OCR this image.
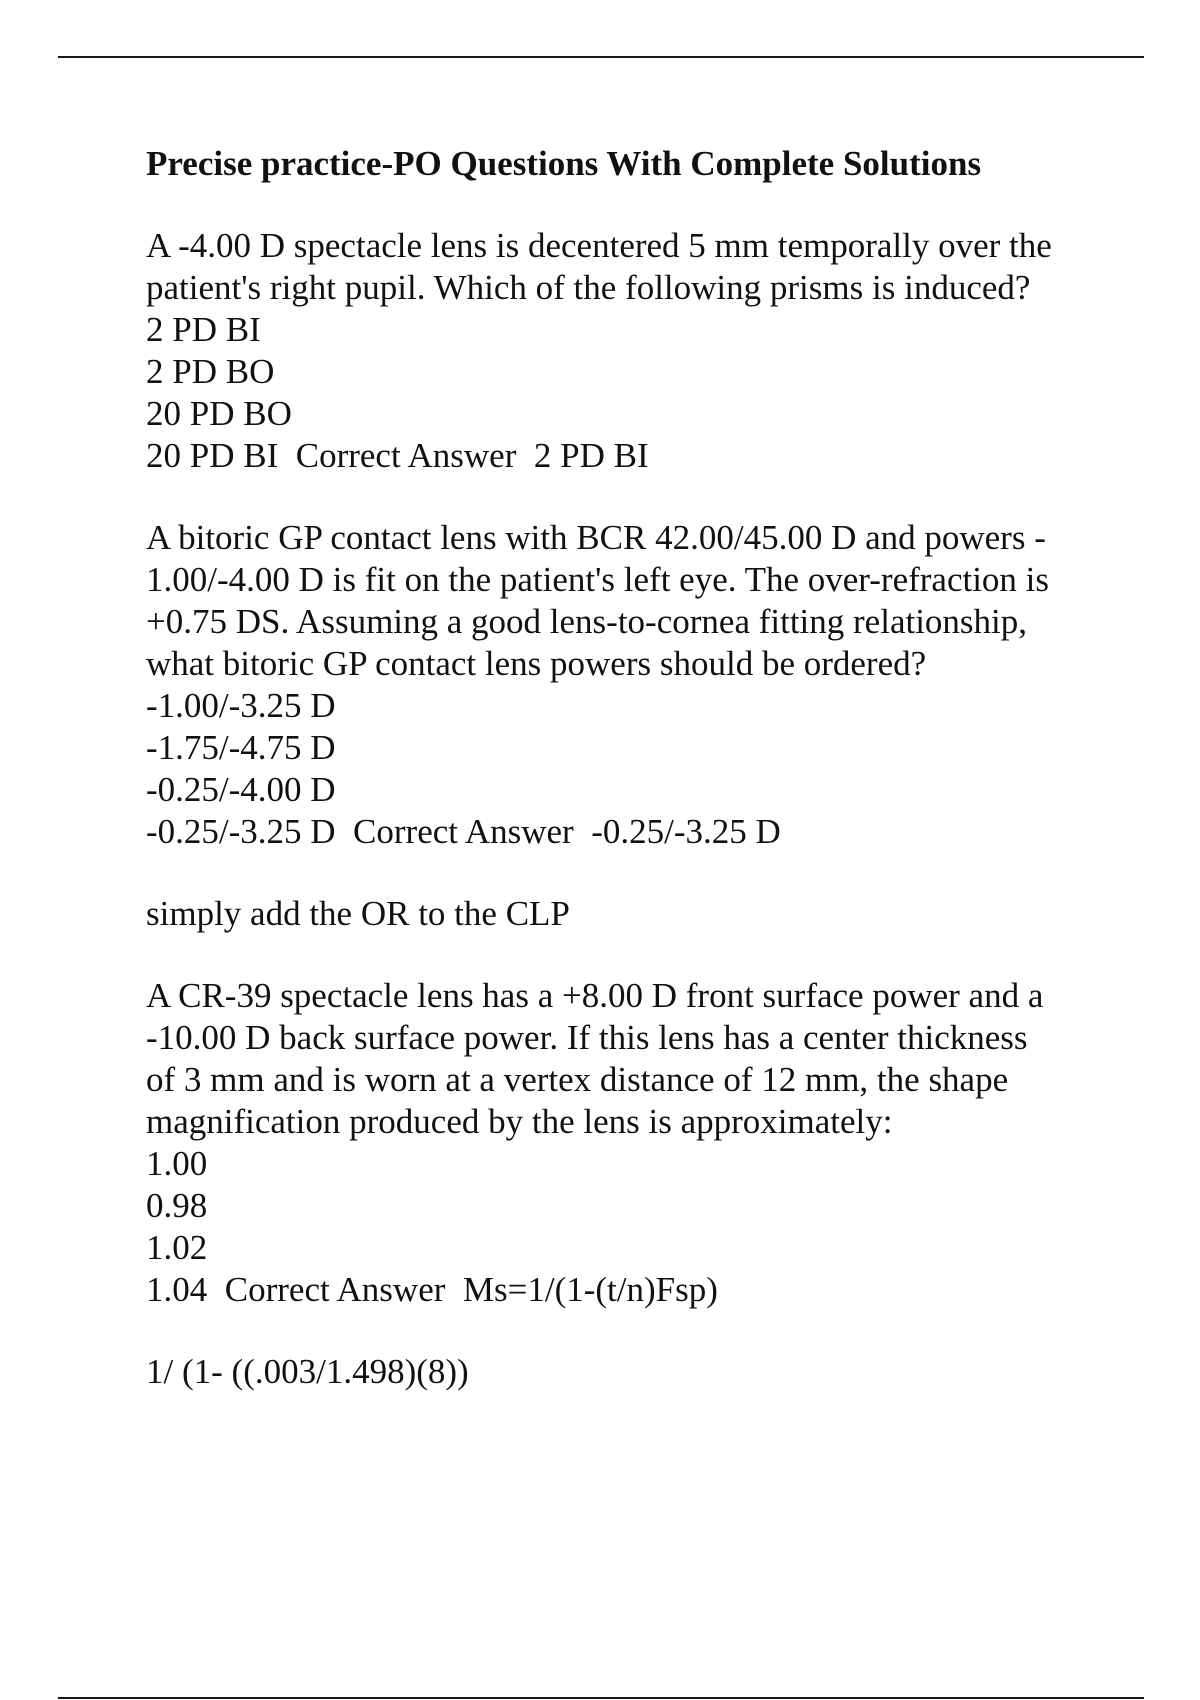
Precise practice-PO Questions With Complete Solutions
A -4.00 D spectacle lens is decentered 5 mm temporally over the
patient's right pupil. Which of the following prisms is induced?
2 PD BI
2 PD BO
20 PD BO
20 PD BI  Correct Answer  2 PD BI
A bitoric GP contact lens with BCR 42.00/45.00 D and powers -
1.00/-4.00 D is fit on the patient's left eye. The over-refraction is
+0.75 DS. Assuming a good lens-to-cornea fitting relationship,
what bitoric GP contact lens powers should be ordered?
-1.00/-3.25 D
-1.75/-4.75 D
-0.25/-4.00 D
-0.25/-3.25 D  Correct Answer  -0.25/-3.25 D
simply add the OR to the CLP
A CR-39 spectacle lens has a +8.00 D front surface power and a
-10.00 D back surface power. If this lens has a center thickness
of 3 mm and is worn at a vertex distance of 12 mm, the shape
magnification produced by the lens is approximately:
1.00
0.98
1.02
1.04  Correct Answer  Ms=1/(1-(t/n)Fsp)
1/ (1- ((.003/1.498)(8))
